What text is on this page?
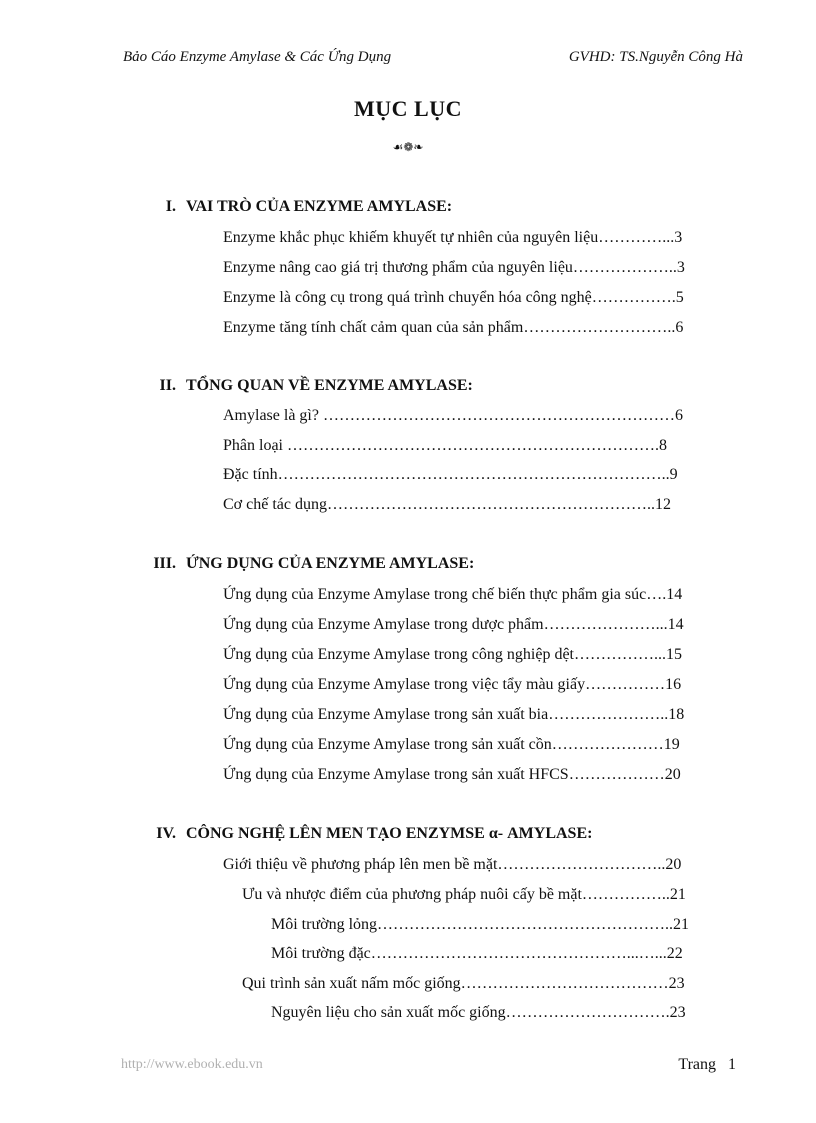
Bảo Cáo Enzyme Amylase & Các Ứng Dụng	GVHD: TS.Nguyễn Công Hà
MỤC LỤC
☙❁❧
I. VAI TRÒ CỦA ENZYME AMYLASE:
Enzyme khắc phục khiếm khuyết tự nhiên của nguyên liệu…………...3
Enzyme nâng cao giá trị thương phẩm của nguyên liệu………………..3
Enzyme là công cụ trong quá trình chuyển hóa công nghệ…………….5
Enzyme tăng tính chất cảm quan của sản phẩm………………………..6
II. TỔNG QUAN VỀ ENZYME AMYLASE:
Amylase là gì? …………………………………………………………6
Phân loại …………………………………………………………….8
Đặc tính………………………………………………………………..9
Cơ chế tác dụng……………………………………………………..12
III. ỨNG DỤNG CỦA ENZYME AMYLASE:
Ứng dụng của Enzyme Amylase trong chế biến thực phẩm gia súc….14
Ứng dụng của Enzyme Amylase trong dược phẩm…………………...14
Ứng dụng của Enzyme Amylase trong công nghiệp dệt……………...15
Ứng dụng của Enzyme Amylase trong việc tẩy màu giấy……………16
Ứng dụng của Enzyme Amylase trong sản xuất bia…………………..18
Ứng dụng của Enzyme Amylase trong sản xuất cồn…………………19
Ứng dụng của Enzyme Amylase trong sản xuất HFCS………………20
IV. CÔNG NGHỆ LÊN MEN TẠO ENZYMSE α- AMYLASE:
Giới thiệu về phương pháp lên men bề mặt…………………………..20
Ưu và nhược điểm của phương pháp nuôi cấy bề mặt……………..21
Môi trường lỏng………………………………………………..21
Môi trường đặc…………………………………………...…...22
Qui trình sản xuất nấm mốc giống…………………………………23
Nguyên liệu cho sản xuất mốc giống………………………….23
http://www.ebook.edu.vn	Trang   1
